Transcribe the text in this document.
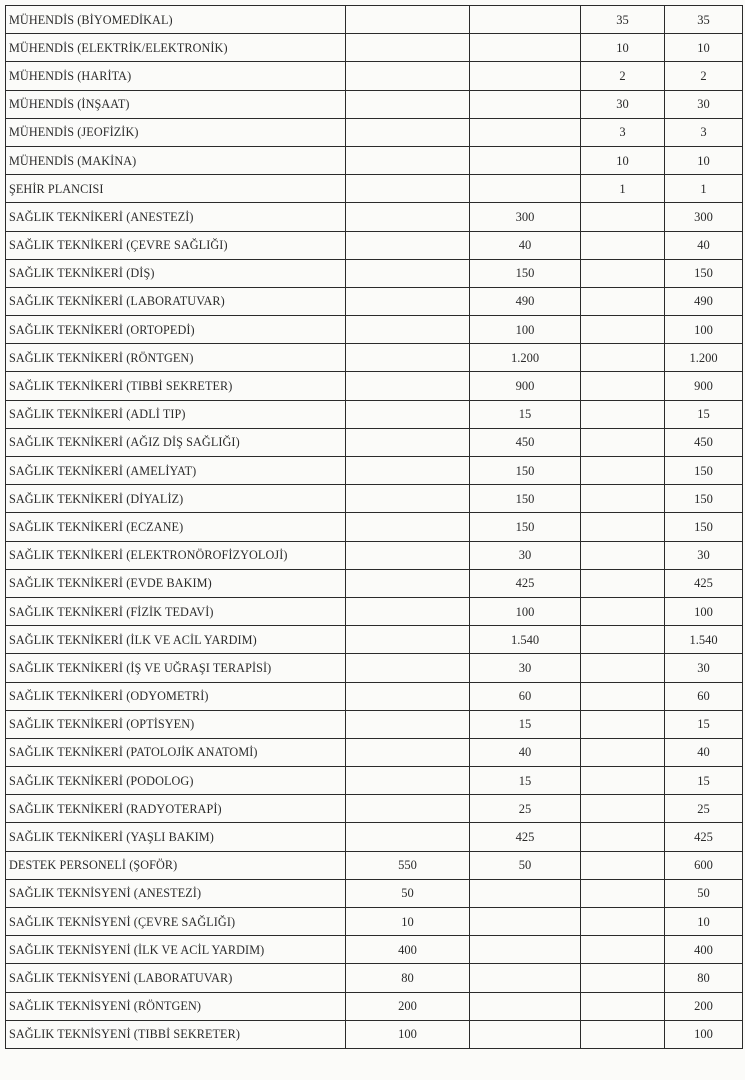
MÜHENDİS (BİYOMEDİKAL)			35	35
MÜHENDİS (ELEKTRİK/ELEKTRONİK)			10	10
MÜHENDİS (HARİTA)			2	2
MÜHENDİS (İNŞAAT)			30	30
MÜHENDİS (JEOFİZİK)			3	3
MÜHENDİS (MAKİNA)			10	10
ŞEHİR PLANCISI			1	1
SAĞLIK TEKNİKERİ (ANESTEZİ)		300		300
SAĞLIK TEKNİKERİ (ÇEVRE SAĞLIĞI)		40		40
SAĞLIK TEKNİKERİ (DİŞ)		150		150
SAĞLIK TEKNİKERİ (LABORATUVAR)		490		490
SAĞLIK TEKNİKERİ (ORTOPEDİ)		100		100
SAĞLIK TEKNİKERİ (RÖNTGEN)		1.200		1.200
SAĞLIK TEKNİKERİ (TIBBİ SEKRETER)		900		900
SAĞLIK TEKNİKERİ (ADLİ TIP)		15		15
SAĞLIK TEKNİKERİ (AĞIZ DİŞ SAĞLIĞI)		450		450
SAĞLIK TEKNİKERİ (AMELİYAT)		150		150
SAĞLIK TEKNİKERİ (DİYALİZ)		150		150
SAĞLIK TEKNİKERİ (ECZANE)		150		150
SAĞLIK TEKNİKERİ (ELEKTRONÖROFİZYOLOJİ)		30		30
SAĞLIK TEKNİKERİ (EVDE BAKIM)		425		425
SAĞLIK TEKNİKERİ (FİZİK TEDAVİ)		100		100
SAĞLIK TEKNİKERİ (İLK VE ACİL YARDIM)		1.540		1.540
SAĞLIK TEKNİKERİ (İŞ VE UĞRAŞI TERAPİSİ)		30		30
SAĞLIK TEKNİKERİ (ODYOMETRİ)		60		60
SAĞLIK TEKNİKERİ (OPTİSYEN)		15		15
SAĞLIK TEKNİKERİ (PATOLOJİK ANATOMİ)		40		40
SAĞLIK TEKNİKERİ (PODOLOG)		15		15
SAĞLIK TEKNİKERİ (RADYOTERAPİ)		25		25
SAĞLIK TEKNİKERİ (YAŞLI BAKIM)		425		425
DESTEK PERSONELİ (ŞOFÖR)	550	50		600
SAĞLIK TEKNİSYENİ (ANESTEZİ)	50			50
SAĞLIK TEKNİSYENİ (ÇEVRE SAĞLIĞI)	10			10
SAĞLIK TEKNİSYENİ (İLK VE ACİL YARDIM)	400			400
SAĞLIK TEKNİSYENİ (LABORATUVAR)	80			80
SAĞLIK TEKNİSYENİ (RÖNTGEN)	200			200
SAĞLIK TEKNİSYENİ (TIBBİ SEKRETER)	100			100
